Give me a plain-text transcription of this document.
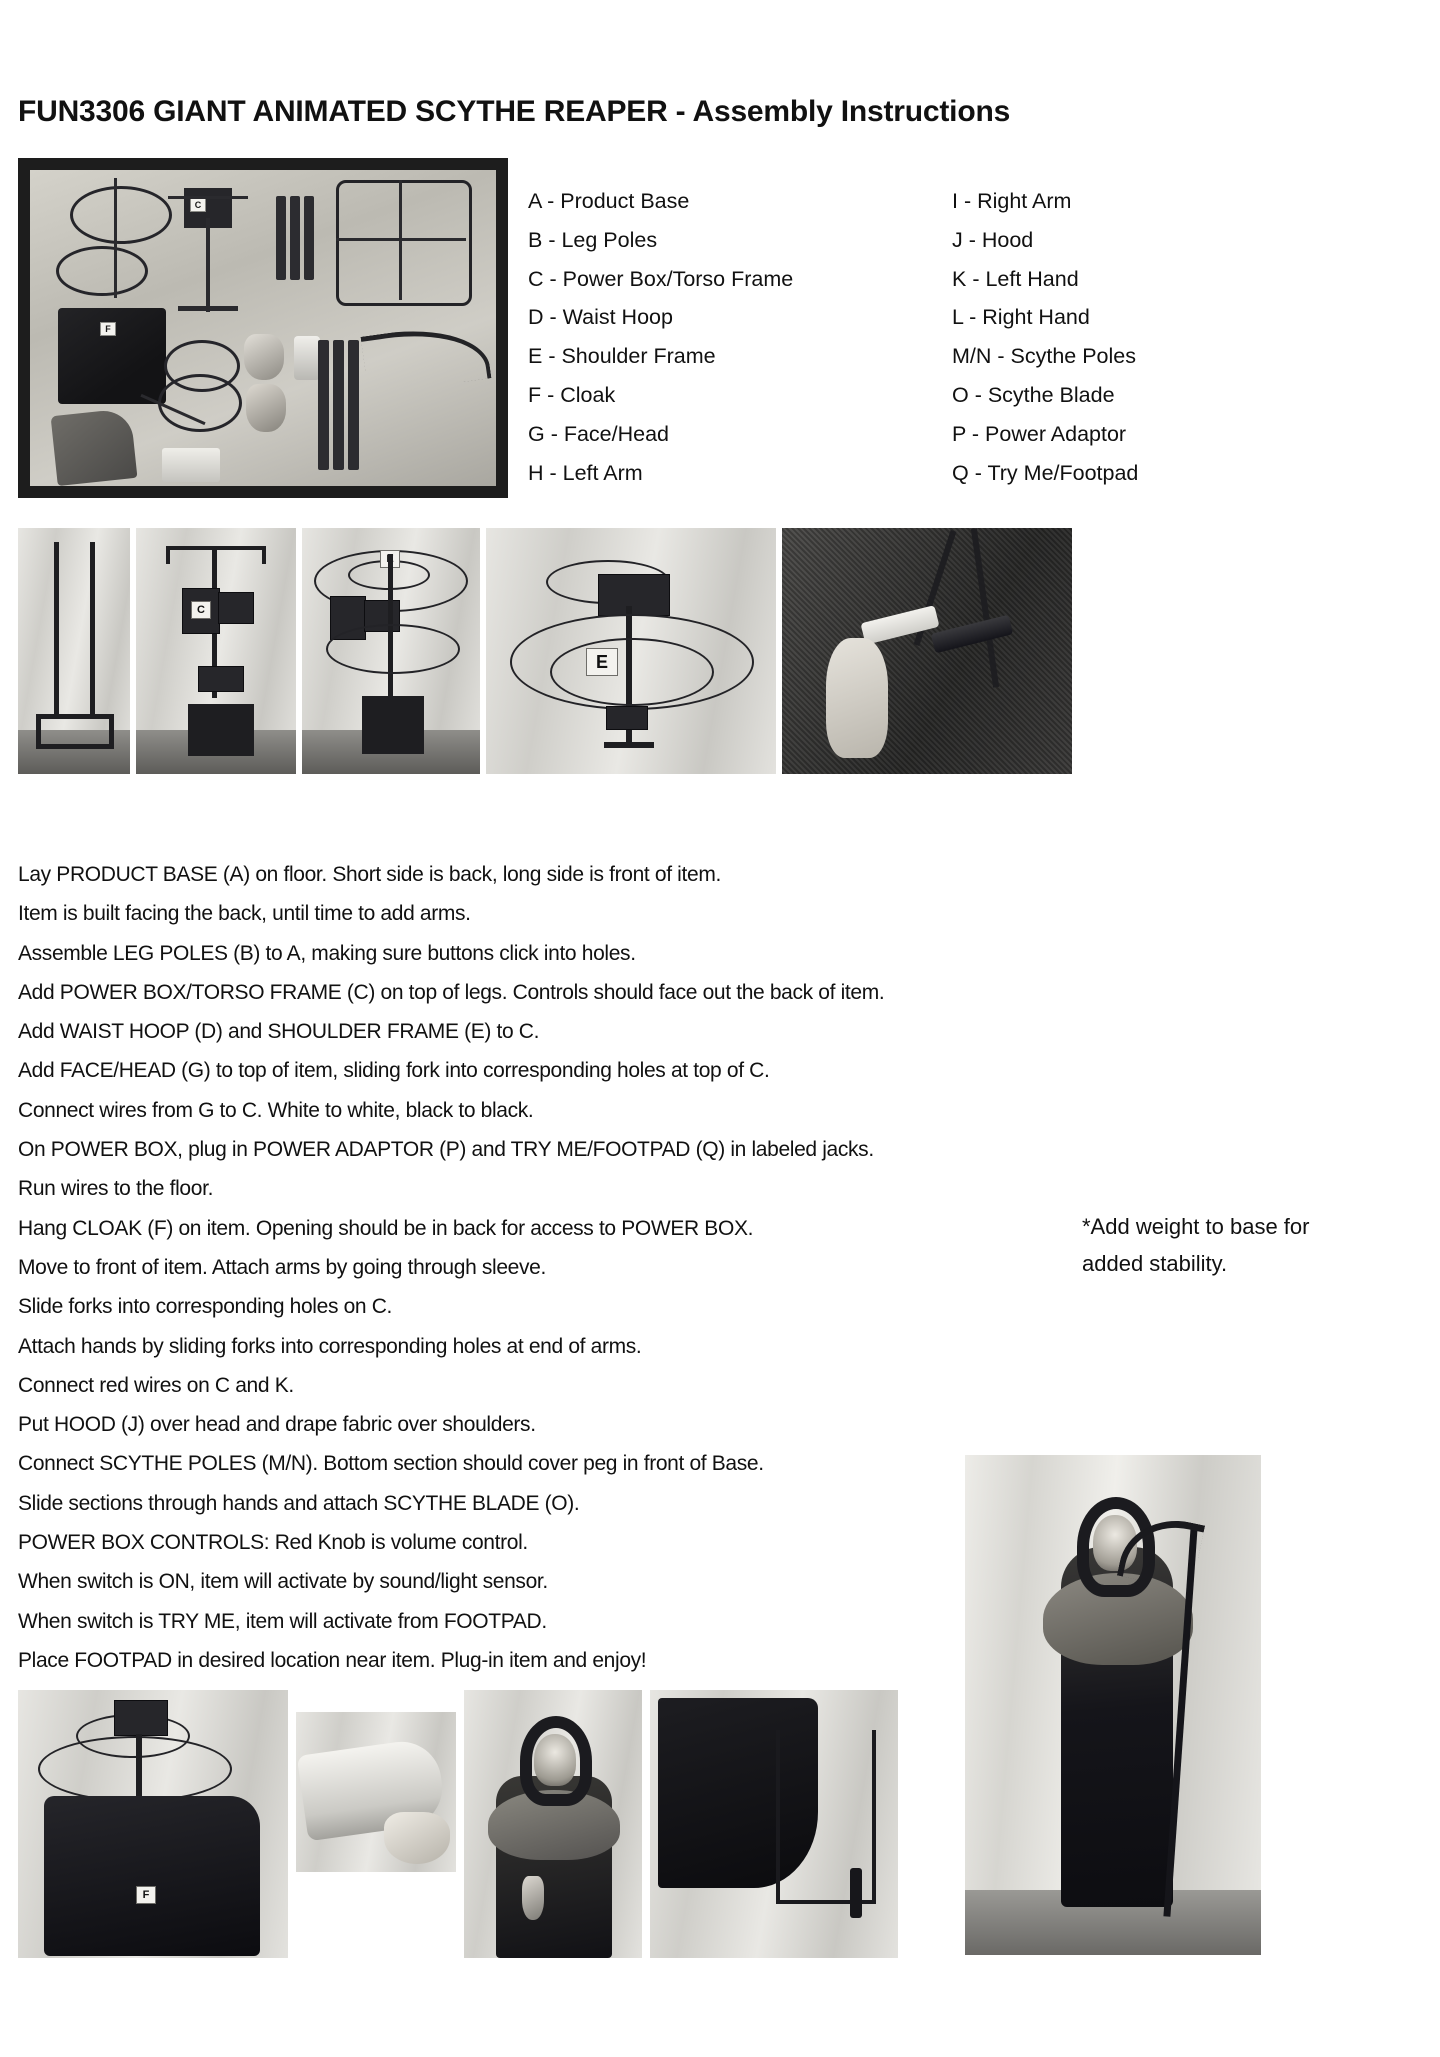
FUN3306 GIANT ANIMATED SCYTHE REAPER - Assembly Instructions
C
F
A - Product Base
B - Leg Poles
C - Power Box/Torso Frame
D - Waist Hoop
E - Shoulder Frame
F - Cloak
G - Face/Head
H - Left Arm
I - Right Arm
J - Hood
K - Left Hand
L - Right Hand
M/N - Scythe Poles
O - Scythe Blade
P - Power Adaptor
Q - Try Me/Footpad
C
E
Lay PRODUCT BASE (A) on floor. Short side is back, long side is front of item.
Item is built facing the back, until time to add arms.
Assemble LEG POLES (B) to A, making sure buttons click into holes.
Add POWER BOX/TORSO FRAME (C) on top of legs. Controls should face out the back of item.
Add WAIST HOOP (D) and SHOULDER FRAME (E) to C.
Add FACE/HEAD (G) to top of item, sliding fork into corresponding holes at top of C.
Connect wires from G to C. White to white, black to black.
On POWER BOX, plug in POWER ADAPTOR (P) and TRY ME/FOOTPAD (Q) in labeled jacks.
Run wires to the floor.
Hang CLOAK (F) on item. Opening should be in back for access to POWER BOX.
Move to front of item. Attach arms by going through sleeve.
Slide forks into corresponding holes on C.
Attach hands by sliding forks into corresponding holes at end of arms.
Connect red wires on C and K.
Put HOOD (J) over head and drape fabric over shoulders.
Connect SCYTHE POLES (M/N). Bottom section should cover peg in front of Base.
Slide sections through hands and attach SCYTHE BLADE (O).
POWER BOX CONTROLS: Red Knob is volume control.
When switch is ON, item will activate by sound/light sensor.
When switch is TRY ME, item will activate from FOOTPAD.
Place FOOTPAD in desired location near item. Plug-in item and enjoy!
*Add weight to base for
added stability.
F
